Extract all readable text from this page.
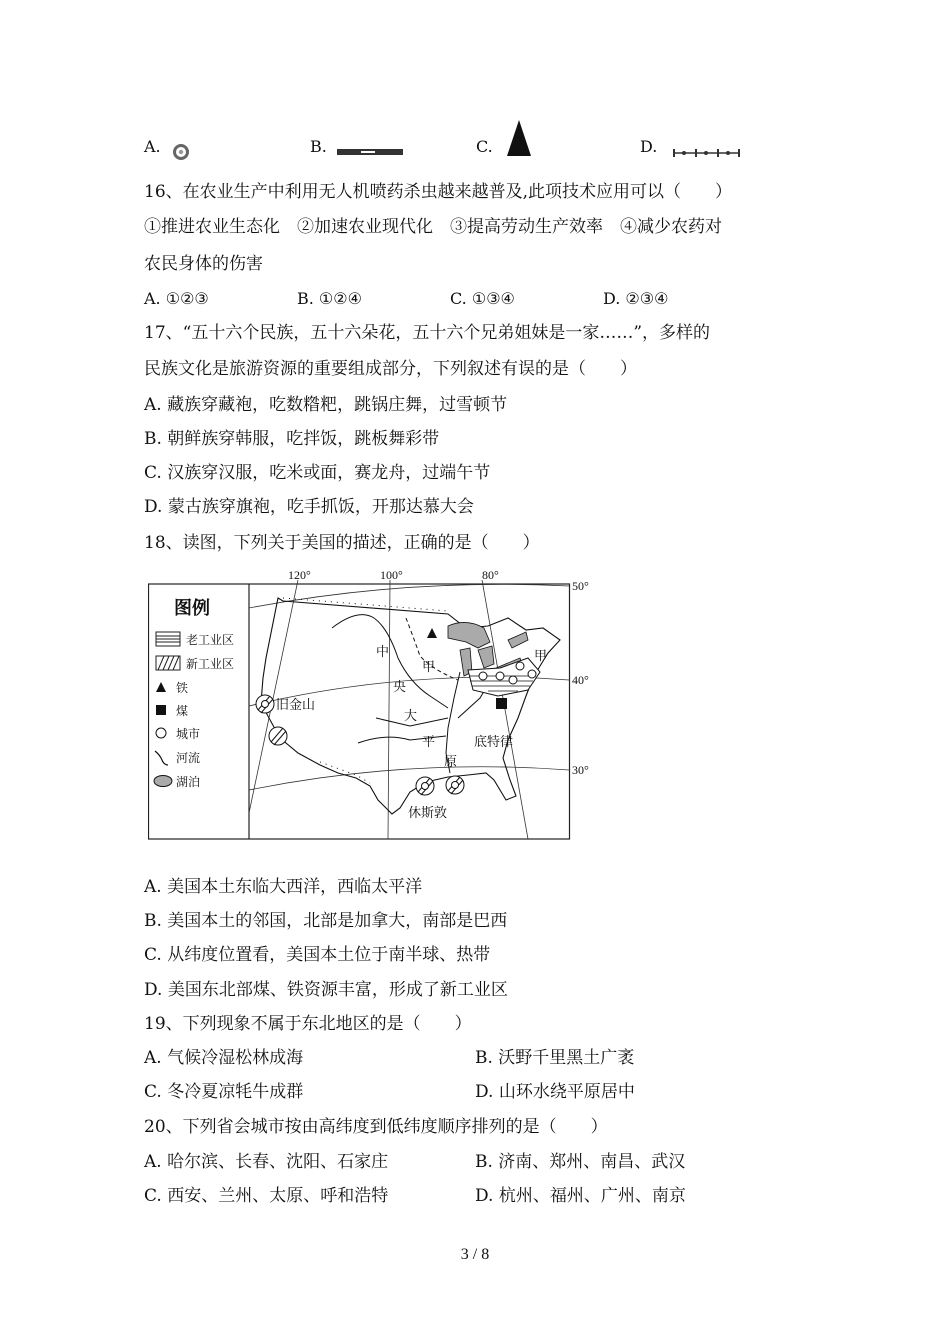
A.	B.	C.	D.
16、在农业生产中利用无人机喷药杀虫越来越普及,此项技术应用可以（　　）
①推进农业生态化　②加速农业现代化　③提高劳动生产效率　④减少农药对
农民身体的伤害
A. ①②③	B. ①②④	C. ①③④	D. ②③④
17、“五十六个民族，五十六朵花，五十六个兄弟姐妹是一家……”，多样的
民族文化是旅游资源的重要组成部分，下列叙述有误的是（　　）
A. 藏族穿藏袍，吃数糌粑，跳锅庄舞，过雪顿节
B. 朝鲜族穿韩服，吃拌饭，跳板舞彩带
C. 汉族穿汉服，吃米或面，赛龙舟，过端午节
D. 蒙古族穿旗袍，吃手抓饭，开那达慕大会
18、读图，下列关于美国的描述，正确的是（　　）
图例
老工业区
新工业区
铁
煤
城市
河流
湖泊
120°	100°	80°
50°
40°
30°
中
央
大
平
原
甲
甲
旧金山
底特律
休斯敦
A. 美国本土东临大西洋，西临太平洋
B. 美国本土的邻国，北部是加拿大，南部是巴西
C. 从纬度位置看，美国本土位于南半球、热带
D. 美国东北部煤、铁资源丰富，形成了新工业区
19、下列现象不属于东北地区的是（　　）
A. 气候冷湿松林成海	B. 沃野千里黑土广袤
C. 冬冷夏凉牦牛成群	D. 山环水绕平原居中
20、下列省会城市按由高纬度到低纬度顺序排列的是（　　）
A. 哈尔滨、长春、沈阳、石家庄	B. 济南、郑州、南昌、武汉
C. 西安、兰州、太原、呼和浩特	D. 杭州、福州、广州、南京
3 / 8
